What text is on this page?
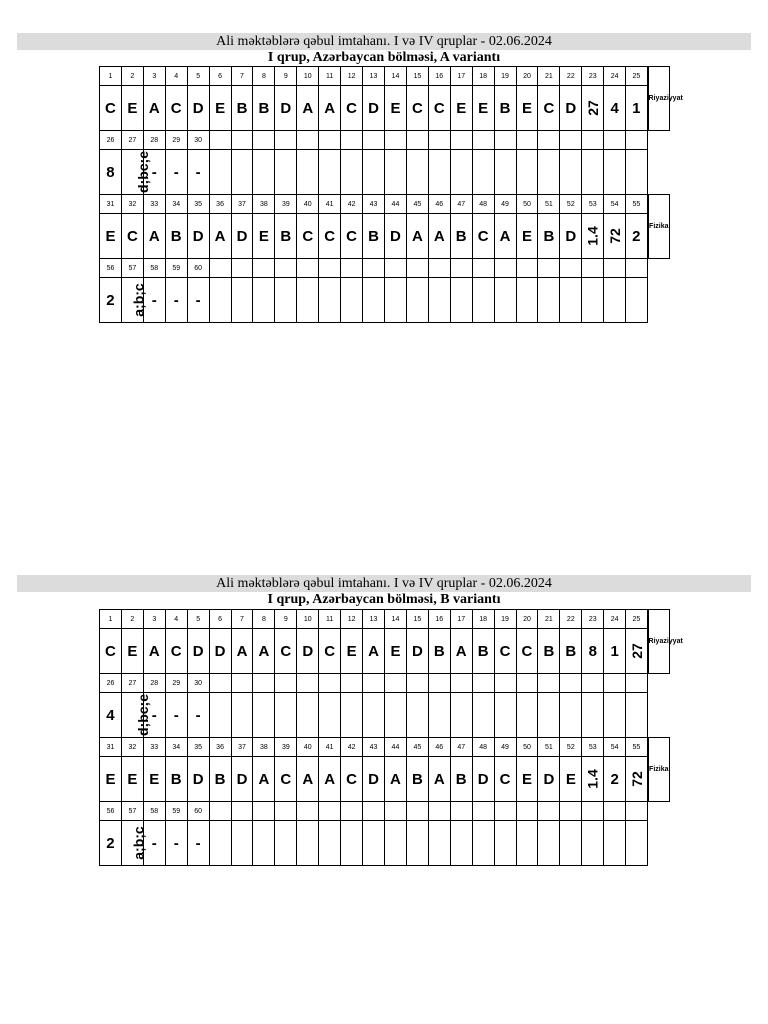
Ali məktəblərə qəbul imtahanı. I və IV qruplar - 02.06.2024
I qrup, Azərbaycan bölməsi, A variantı
1	2	3	4	5	6	7	8	9	10	11	12	13	14	15	16	17	18	19	20	21	22	23	24	25	Riyaziyyat
C	E	A	C	D	E	B	B	D	A	A	C	D	E	C	C	E	E	B	E	C	D	27	4	1	
26	27	28	29	30																					
8	d;bc;e	-	-	-																					
31	32	33	34	35	36	37	38	39	40	41	42	43	44	45	46	47	48	49	50	51	52	53	54	55	Fizika
E	C	A	B	D	A	D	E	B	C	C	C	B	D	A	A	B	C	A	E	B	D	1.4	72	2	
56	57	58	59	60																					
2	a;b;c	-	-	-																					
Ali məktəblərə qəbul imtahanı. I və IV qruplar - 02.06.2024
I qrup, Azərbaycan bölməsi, B variantı
1	2	3	4	5	6	7	8	9	10	11	12	13	14	15	16	17	18	19	20	21	22	23	24	25	Riyaziyyat
C	E	A	C	D	D	A	A	C	D	C	E	A	E	D	B	A	B	C	C	B	B	8	1	27	
26	27	28	29	30																					
4	d;bc;e	-	-	-																					
31	32	33	34	35	36	37	38	39	40	41	42	43	44	45	46	47	48	49	50	51	52	53	54	55	Fizika
E	E	E	B	D	B	D	A	C	A	A	C	D	A	B	A	B	D	C	E	D	E	1.4	2	72	
56	57	58	59	60																					
2	a;b;c	-	-	-																					
